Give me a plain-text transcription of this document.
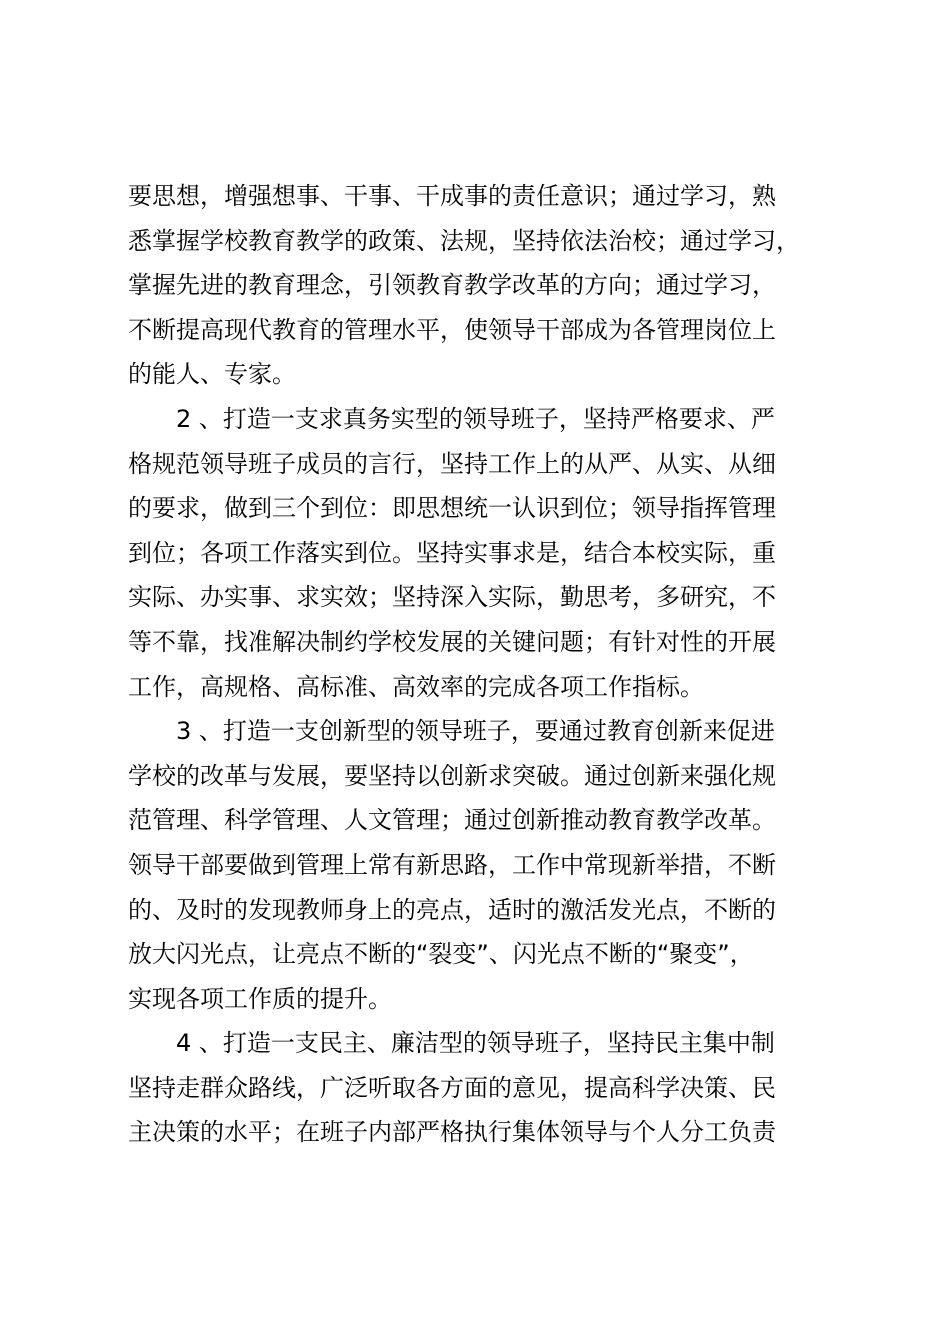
要思想，增强想事、干事、干成事的责任意识；通过学习，熟
悉掌握学校教育教学的政策、法规，坚持依法治校；通过学习，
掌握先进的教育理念，引领教育教学改革的方向；通过学习，
不断提高现代教育的管理水平，使领导干部成为各管理岗位上
的能人、专家。
2 、打造一支求真务实型的领导班子，坚持严格要求、严
格规范领导班子成员的言行，坚持工作上的从严、从实、从细
的要求，做到三个到位：即思想统一认识到位；领导指挥管理
到位；各项工作落实到位。坚持实事求是，结合本校实际，重
实际、办实事、求实效；坚持深入实际，勤思考，多研究，不
等不靠，找准解决制约学校发展的关键问题；有针对性的开展
工作，高规格、高标准、高效率的完成各项工作指标。
3 、打造一支创新型的领导班子，要通过教育创新来促进
学校的改革与发展，要坚持以创新求突破。通过创新来强化规
范管理、科学管理、人文管理；通过创新推动教育教学改革。
领导干部要做到管理上常有新思路，工作中常现新举措，不断
的、及时的发现教师身上的亮点，适时的激活发光点，不断的
放大闪光点，让亮点不断的“裂变”、闪光点不断的“聚变”，
实现各项工作质的提升。
4 、打造一支民主、廉洁型的领导班子，坚持民主集中制
坚持走群众路线，广泛听取各方面的意见，提高科学决策、民
主决策的水平；在班子内部严格执行集体领导与个人分工负责
